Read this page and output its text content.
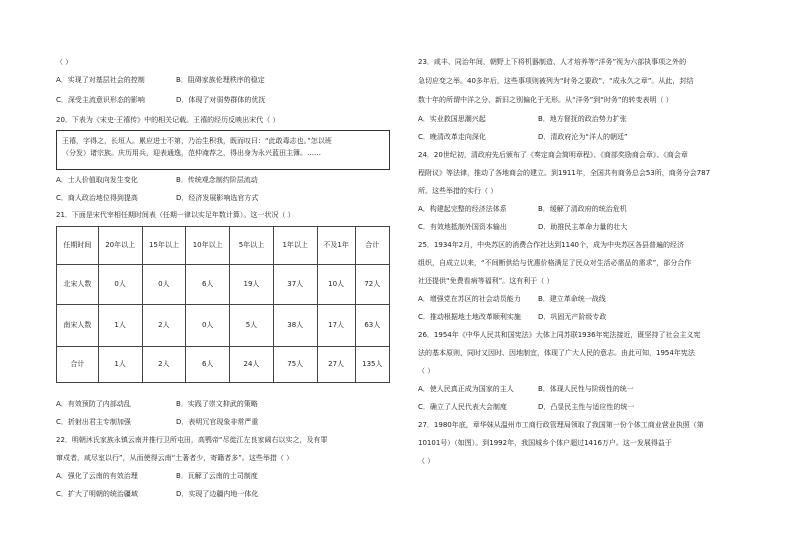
（ ）
A．实现了对基层社会的控制	B．阻碍家族伦理秩序的稳定
C．深受主流意识形态的影响	D．体现了对弱势群体的优抚
20．下表为《宋史·王禧传》中的相关记载。王禧的经历反映出宋代（ ）
王禧，字得之，长垣人。累应进士不第，乃治生积我，既而叹曰：“此敢毒志也。”怎以班
（分发）诸宗族。庆历用兵，迎表通逸，范仲淹荐之，得出身为永兴蓝田主簿。……
A．士人价值取向发生变化	B．传统观念制约阶层流动
C．商人政治地位得到提高	D．经济发展影响选官方式
21．下面是宋代宰相任期时间表（任期一律以实足年数计算）。这一状况（ ）
任期时间	20年以上	15年以上	10年以上	5年以上	1年以上	不及1年	合计
北宋人数	0人	0人	6人	19人	37人	10人	72人
南宋人数	1人	2人	0人	5人	38人	17人	63人
合计	1人	2人	6人	24人	75人	27人	135人
A．有效预防了内部动乱	B．实践了崇文抑武的策略
C．折射出君主专制加强	D．表明冗官现象非常严重
22．明朝沐氏家族永镇云南并推行卫所屯田，高鹗帝“尽徙江左良家阔右以实之，及有罪
窜戍者，咸尽室以行”，从而使得云南“土著者少，寄籍者多”。这些举措（ ）
A．强化了云南的有效治理	B．瓦解了云南的土司制度
C．扩大了明朝的统治疆域	D．实现了边疆内地一体化
23．咸丰、同治年间，朝野上下将机器制造、人才培养等“洋务”视为六部执事项之外的
急切应变之举。40多年后，这些事项则被列为“时务之要政”、“成永久之章”。从此，封结
数十年的所谓中洋之分、新旧之别偏化于无形。从“洋务”到“时务”的转变表明（ ）
A．实业救国思潮兴起	B．地方督抚的政治势力扩张
C．晚清改革走向深化	D．清政府沦为“洋人的朝廷”
24．20世纪初，清政府先后颁布了《奏定商会简明章程》、《商部奖励商会章》、《商会章
程附议》等法律，推动了各地商会的建立。到1911年，全国共有商务总会53所，商务分会787
所。这些举措的实行（ ）
A．构建起完整的经济法体系	B．缓解了清政府的统治危机
C．有效地抵制外国资本输出	D．助推民主革命力量的壮大
25．1934年2月，中央苏区的消费合作社达到1140个，成为中央苏区各县普遍的经济
组织，自成立以来，“不间断供给与优惠价格满足了民众对生活必需品的需求”，部分合作
社还提供“免费看病等福利”。这有利于（ ）
A．增强党在苏区的社会动员能力 B．建立革命统一战线
C．推动根据地土地改革顺利实施 D．巩固无产阶级专政
26．1954年《中华人民共和国宪法》大体上同苏联1936年宪法接近，既坚持了社会主义宪
法的基本原则，同时又因时、因地制宜，体现了广大人民的意志。由此可知，1954年宪法
（ ）
A．使人民真正成为国家的主人	B．体现人民性与阶级性的统一
C．确立了人民代表大会制度	D．凸显民主性与适应性的统一
27．1980年底，章华妹从温州市工商行政管理局领取了我国第一份个体工商业营业执照（第
10101号）（如图）。到1992年，我国城乡个体户超过1416万户。这一发展得益于
（ ）
